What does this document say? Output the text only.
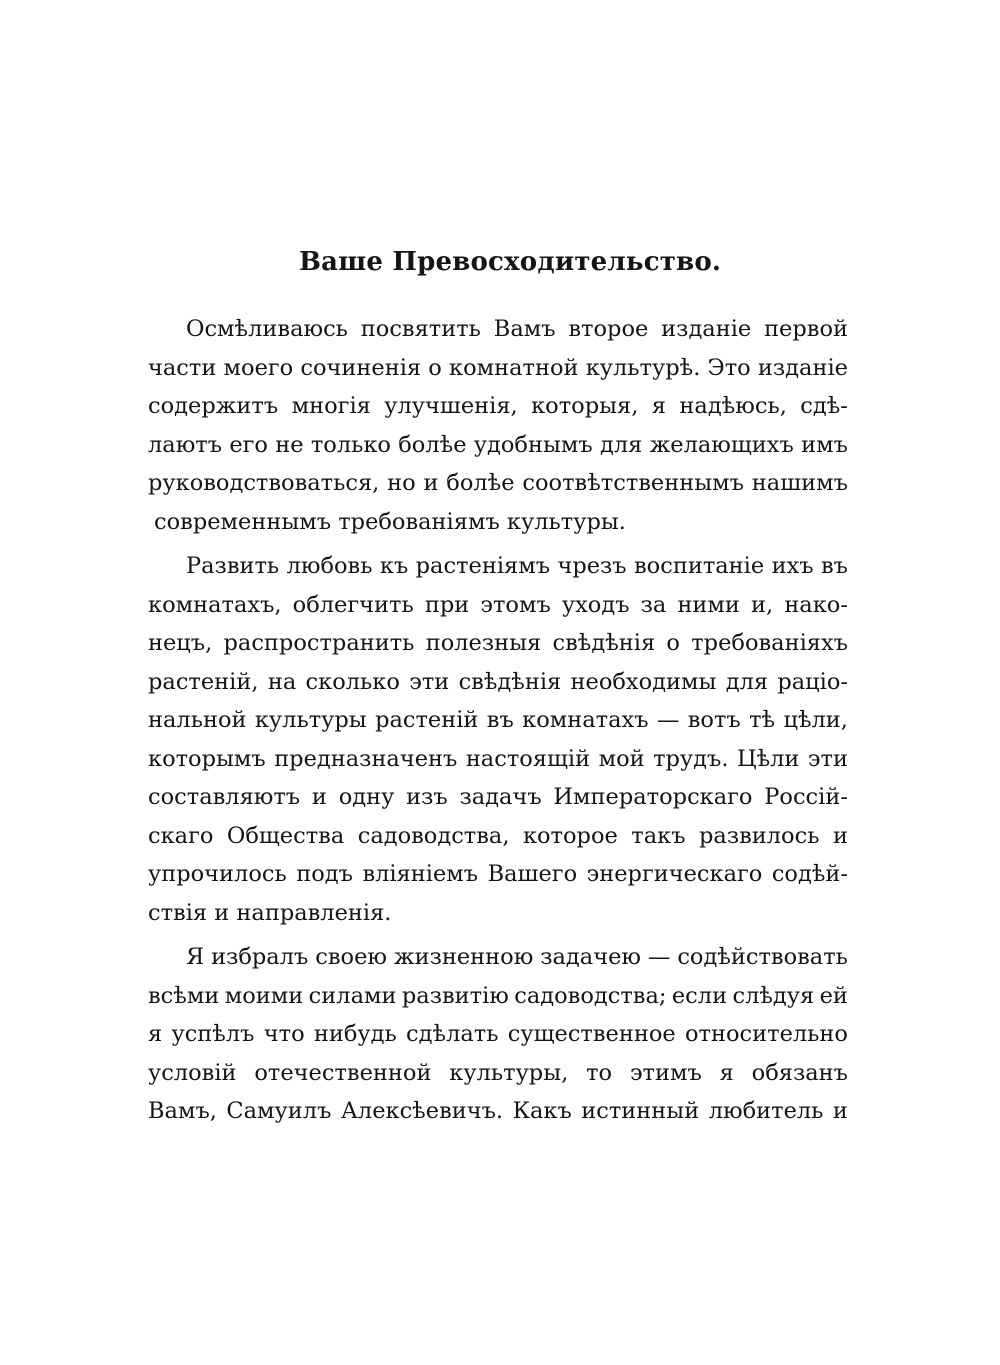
Ваше Превосходительство.
Осмѣливаюсь посвятить Вамъ второе изданіе первой
части моего сочиненія о комнатной культурѣ. Это изданіе
содержитъ многія улучшенія, которыя, я надѣюсь, сдѣ-
лаютъ его не только болѣе удобнымъ для желающихъ имъ
руководствоваться, но и болѣе соотвѣтственнымъ нашимъ
современнымъ требованіямъ культуры.
Развить любовь къ растеніямъ чрезъ воспитаніе ихъ въ
комнатахъ, облегчить при этомъ уходъ за ними и, нако-
нецъ, распространить полезныя свѣдѣнія о требованіяхъ
растеній, на сколько эти свѣдѣнія необходимы для раціо-
нальной культуры растеній въ комнатахъ — вотъ тѣ цѣли,
которымъ предназначенъ настоящій мой трудъ. Цѣли эти
составляютъ и одну изъ задачъ Императорскаго Россій-
скаго Общества садоводства, которое такъ развилось и
упрочилось подъ вліяніемъ Вашего энергическаго содѣй-
ствія и направленія.
Я избралъ своею жизненною задачею — содѣйствовать
всѣми моими силами развитію садоводства; если слѣдуя ей
я успѣлъ что нибудь сдѣлать существенное относительно
условій отечественной культуры, то этимъ я обязанъ
Вамъ, Самуилъ Алексѣевичъ. Какъ истинный любитель и
